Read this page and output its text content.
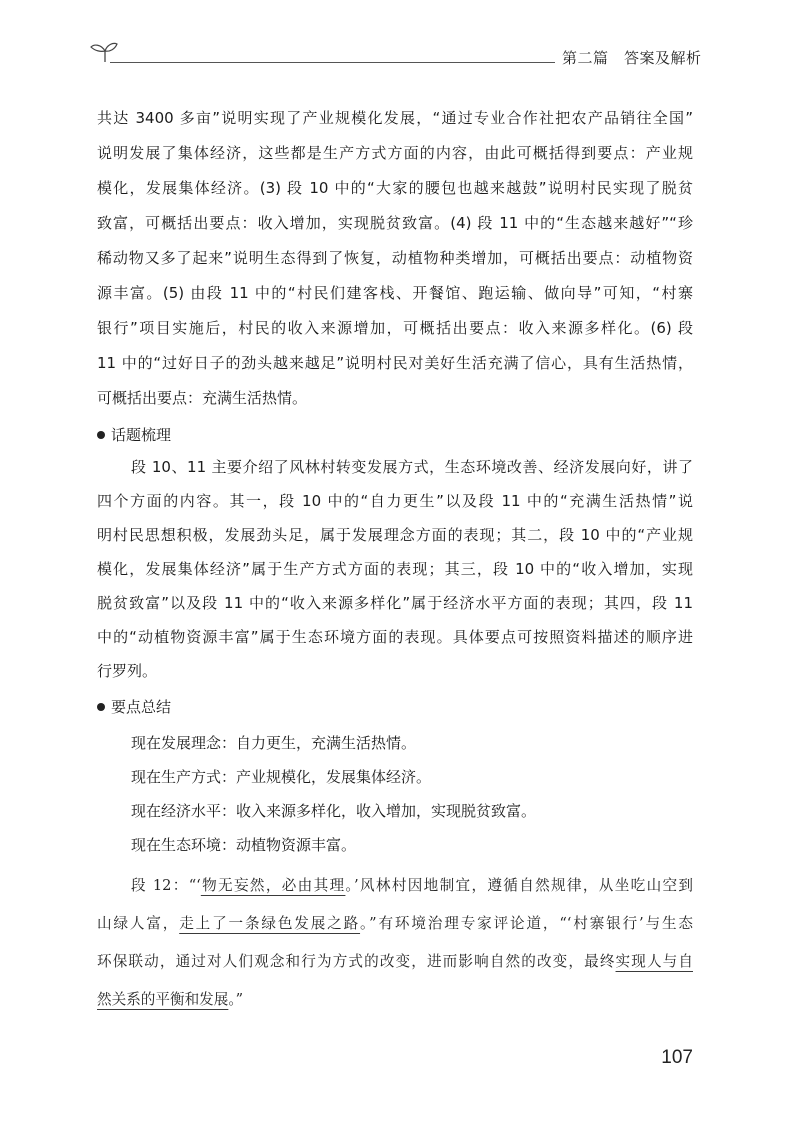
第二篇　答案及解析
共达 3400 多亩”说明实现了产业规模化发展，“通过专业合作社把农产品销往全国”
说明发展了集体经济，这些都是生产方式方面的内容，由此可概括得到要点：产业规
模化，发展集体经济。(3) 段 10 中的“大家的腰包也越来越鼓”说明村民实现了脱贫
致富，可概括出要点：收入增加，实现脱贫致富。(4) 段 11 中的“生态越来越好”“珍
稀动物又多了起来”说明生态得到了恢复，动植物种类增加，可概括出要点：动植物资
源丰富。(5) 由段 11 中的“村民们建客栈、开餐馆、跑运输、做向导”可知，“村寨
银行”项目实施后，村民的收入来源增加，可概括出要点：收入来源多样化。(6) 段
11 中的“过好日子的劲头越来越足”说明村民对美好生活充满了信心，具有生活热情，
可概括出要点：充满生活热情。
话题梳理
段 10、11 主要介绍了风林村转变发展方式，生态环境改善、经济发展向好，讲了
四个方面的内容。其一，段 10 中的“自力更生”以及段 11 中的“充满生活热情”说
明村民思想积极，发展劲头足，属于发展理念方面的表现；其二，段 10 中的“产业规
模化，发展集体经济”属于生产方式方面的表现；其三，段 10 中的“收入增加，实现
脱贫致富”以及段 11 中的“收入来源多样化”属于经济水平方面的表现；其四，段 11
中的“动植物资源丰富”属于生态环境方面的表现。具体要点可按照资料描述的顺序进
行罗列。
要点总结
现在发展理念：自力更生，充满生活热情。
现在生产方式：产业规模化，发展集体经济。
现在经济水平：收入来源多样化，收入增加，实现脱贫致富。
现在生态环境：动植物资源丰富。
段 12：“‘物无妄然，必由其理。’风林村因地制宜，遵循自然规律，从坐吃山空到
山绿人富，走上了一条绿色发展之路。”有环境治理专家评论道，“‘村寨银行’与生态
环保联动，通过对人们观念和行为方式的改变，进而影响自然的改变，最终实现人与自
然关系的平衡和发展。”
107
